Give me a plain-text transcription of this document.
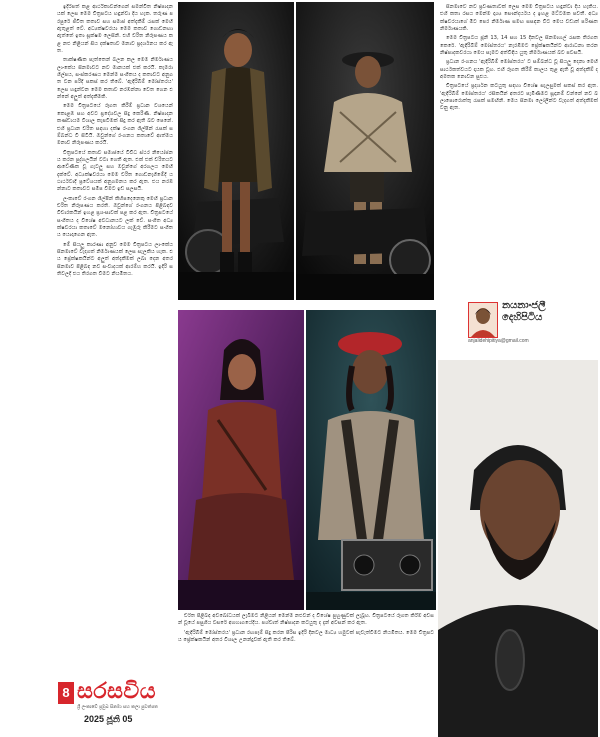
ඉදිරිපත් කළ ආර්ථිකාවන්ගෙන් සමන්විත නිෂ්පාදනයක් ලෙස මෙම චිත්‍රපටය හඳුන්වා දිය හැක. තරුණ පරපුරේ ජීවිත කතාව සහ සමාජ අත්දැකීම් රැසක් මෙහි ඇතුළත් වේ. අධ්‍යක්ෂවරයා මෙම කතාව ගොඩනඟා ඇත්තේ ඉතා සූක්ෂම ලෙසිනි. එහි චරිත නිරූපණය කළ නළු නිළියන් සිය දක්ෂතාව මනාව ප්‍රදර්ශනය කර ඇත.

තාක්ෂණික පැත්තෙන් බලන කල මෙම නිර්මාණය ලාංකේය සිනමාවට නව මානයක් එක් කරයි. කැමරා ශිල්පය, සංස්කරණය මෙන්ම සංගීතය ද කතාවට අනුගත වන පරිදි සකස් කර තිබේ. 'ඇඳිරිබිම් මෝස්තරය' ලෙස හඳුන්වන මෙම කතාව නරඹන්නා වෙත ගෙන එන්නේ අලුත් අත්දැකීමකි.

මෙම චිත්‍රපටයේ රූගත කිරීම් ප්‍රධාන වශයෙන් කොළඹ සහ අවට ප්‍රදේශවල සිදු කෙරිණි. නිෂ්පාදන කණ්ඩායම විශාල කැපවීමක් සිදු කර ඇති බව පෙනේ. එහි ප්‍රධාන චරිත සඳහා දක්ෂ රංගන ශිල්පීන් රැසක් සම්බන්ධ වී සිටියි. ඔවුන්ගේ රංගනය කතාවේ ආත්මය මනාව නිරූපණය කරයි.

චිත්‍රපටයේ කතාව සමාජයේ විවිධ ස්ථර නියෝජනය කරන පුද්ගලයින් වටා ගෙතී ඇත. එක් එක් චරිතයට ආවේණික වූ ගැටලු සහ ඔවුන්ගේ අරගලය මෙහි දැක්වේ. අධ්‍යක්ෂවරයා මෙම චරිත ගොඩනැගීමේදී යථාර්ථවාදී ප්‍රවේශයක් අනුගමනය කර ඇත. එය නරඹන්නාට කතාවට සමීප වීමට ඉඩ සලසයි.

ලංකාවේ රංගන ශිල්පීන් කිහිපදෙනෙකු මෙහි ප්‍රධාන චරිත නිරූපණය කරති. ඔවුන්ගේ රංගනය පිළිබඳව විචාරකයින් ඉහළ ප්‍රශංසාවක් පළ කර ඇත. චිත්‍රපටයේ සංගීතය ද විශේෂ අවධානයට ලක් වේ. සංගීත අධ්‍යක්ෂවරයා කතාවේ මනෝභාවය ගැඹුරු කිරීමට සංගීතය යොදාගෙන ඇත.

මේ සියලු කාරණා අනුව මෙම චිත්‍රපටය ලාංකේය සිනමාවේ වැදගත් නිර්මාණයක් ලෙස සැලකිය හැක. එය ප්‍රේක්ෂකයින්ට අලුත් අත්දැකීමක් ලබා දෙන අතර සිනමාව පිළිබඳ නව සංවාදයක් ආරම්භ කරයි. ඉදිරි සතිවලදී එය තිරගත වීමට නියමිතය.

සිනමාවේ නව ප්‍රවණතාවක් ලෙස මෙම චිත්‍රපටය හඳුන්වා දිය හැකිය. එහි කතා රසය මෙන්ම දෘශ්‍ය සෞන්දර්යය ද ඉහළ මට්ටමක පවතී. අධ්‍යක්ෂවරයාගේ මීට පෙර නිර්මාණ සමඟ සසඳන විට මෙය වඩාත් පරිණත නිර්මාණයකි.

මෙම චිත්‍රපටය ජූනි 13, 14 සහ 15 දිනවල සිනමාහල් රැසක තිරගත කෙරේ. 'ඇඳිරිබිම් මෝස්තරය' නැරඹීමට ප්‍රේක්ෂකයින්ට ආරාධනා කරන නිෂ්පාදකවරයා මෙය සැමට අත්විඳිය යුතු නිර්මාණයක් බව පවසයි.

ප්‍රධාන රංගනය 'ඇඳිරිබිම් මෝස්තරය' ට සම්බන්ධ වූ සියලු දෙනා මෙහි සාර්ථකත්වයට දායක වූහ. එහි රූගත කිරීම් කාලය තුළ ඇති වූ අත්දැකීම් ද අමතක නොවන සුළුය.

චිත්‍රපටයේ ප්‍රදර්ශන කටයුතු සඳහා විශේෂ සැලසුමක් සකස් කර ඇත. 'ඇඳිරිබිම් මෝස්තරය' රසිකයින් අතරට පැමිණීමට සූදානම් වන්නේ නව බලාපොරොත්තු රැසක් සමඟිනි. මෙය සිනමා ලෝලීන්ට වැදගත් අත්දැකීමක් වනු ඇත.

නයනාංජලී
දෙහිපිටිය
anjalidehipitiya@gmail.com

චරිත පිළිබඳ අවබෝධයක් ලැබීමට නිළියන් මෙන්ම නළුවන් ද විශේෂ පුහුණුවක් ලැබූහ. චිත්‍රපටයේ රූගත කිරීම් අවසන් වූයේ පසුගිය වසරේ අගභාගයේදීය. පශ්චාත් නිෂ්පාදන කටයුතු ද දැන් අවසන් කර ඇත.

'ඇඳිරිබිම් මෝස්තරය' ප්‍රධාන රඟපෑම් සිදු කරන පිරිස ඉදිරි දිනවල මාධ්‍ය හමුවක් පැවැත්වීමට නියමිතය. මෙම චිත්‍රපටය ප්‍රේක්ෂකයින් අතර විශාල උනන්දුවක් ඇති කර තිබේ.

8 සරසවිය
ශ්‍රී ලංකාවේ ප්‍රමුඛ සිනමා සහ කලා පුවත්පත
2025 ජූනි 05
